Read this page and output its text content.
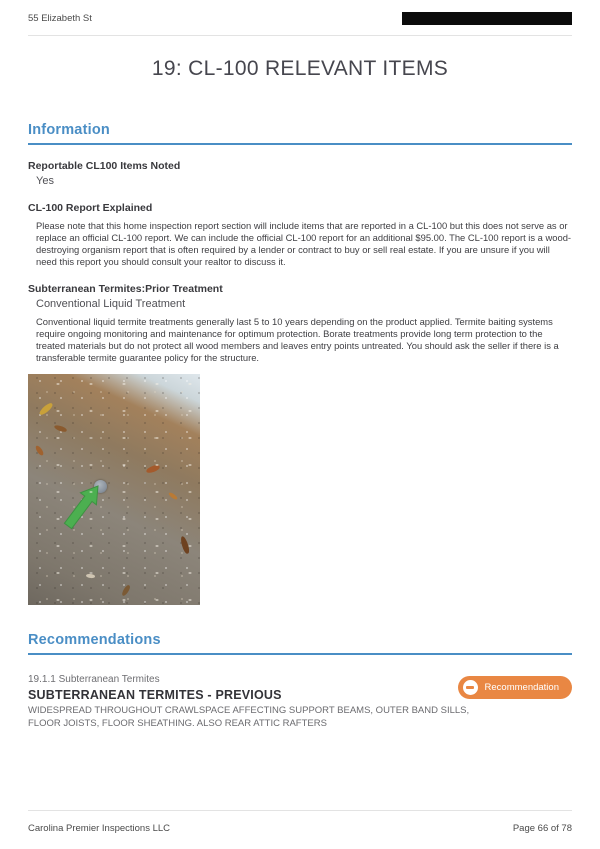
55 Elizabeth St
19: CL-100 RELEVANT ITEMS
Information
Reportable CL100 Items Noted
Yes
CL-100 Report Explained

Please note that this home inspection report section will include items that are reported in a CL-100 but this does not serve as or replace an official CL-100 report. We can include the official CL-100 report for an additional $95.00. The CL-100 report is a wood-destroying organism report that is often required by a lender or contract to buy or sell real estate. If you are unsure if you will need this report you should consult your realtor to discuss it.

Subterranean Termites:Prior Treatment
Conventional Liquid Treatment

Conventional liquid termite treatments generally last 5 to 10 years depending on the product applied. Termite baiting systems require ongoing monitoring and maintenance for optimum protection. Borate treatments provide long term protection to the treated materials but do not protect all wood members and leaves entry points untreated. You should ask the seller if there is a transferable termite guarantee policy for the structure.

Recommendations
19.1.1 Subterranean Termites
SUBTERRANEAN TERMITES - PREVIOUS
Recommendation

WIDESPREAD THROUGHOUT CRAWLSPACE AFFECTING SUPPORT BEAMS, OUTER BAND SILLS, FLOOR JOISTS, FLOOR SHEATHING. ALSO REAR ATTIC RAFTERS

Carolina Premier Inspections LLC	Page 66 of 78
